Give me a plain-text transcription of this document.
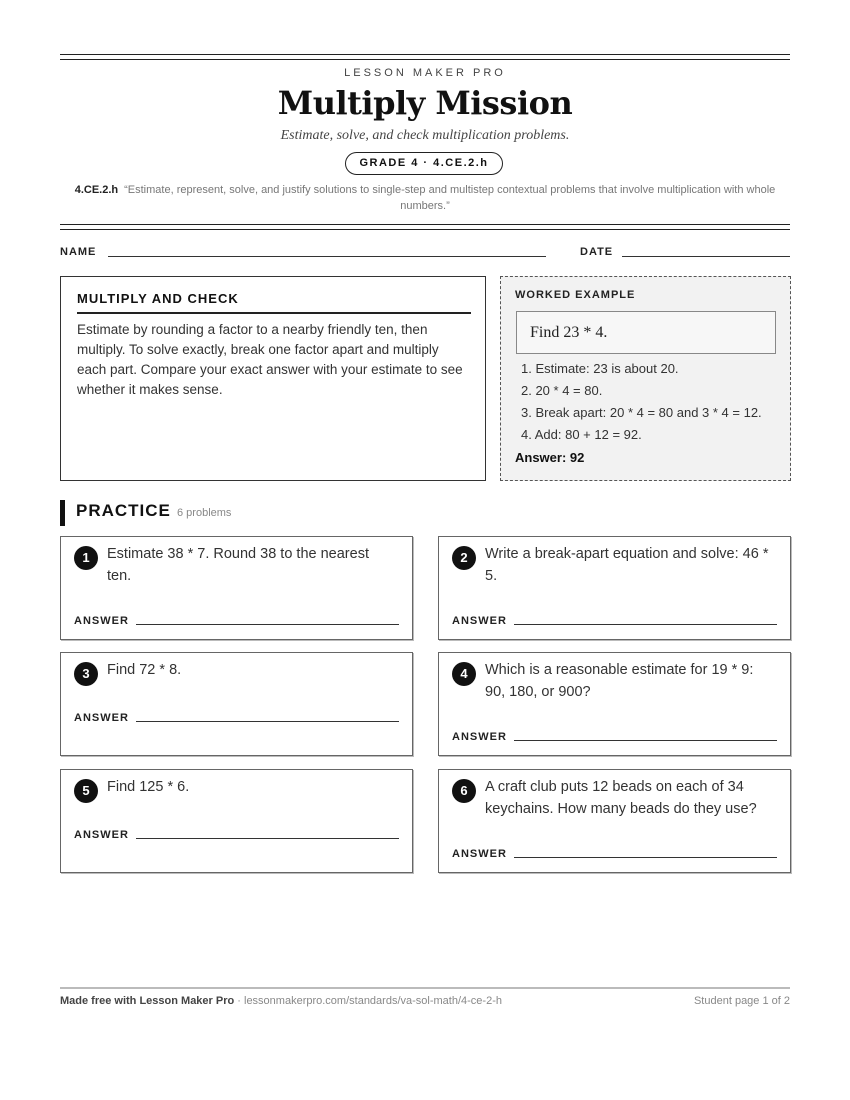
LESSON MAKER PRO
Multiply Mission
Estimate, solve, and check multiplication problems.
GRADE 4 · 4.CE.2.h
4.CE.2.h “Estimate, represent, solve, and justify solutions to single-step and multistep contextual problems that involve multiplication with whole numbers.”
NAME	DATE
MULTIPLY AND CHECK
Estimate by rounding a factor to a nearby friendly ten, then multiply. To solve exactly, break one factor apart and multiply each part. Compare your exact answer with your estimate to see whether it makes sense.
WORKED EXAMPLE
Find 23 * 4.
1. Estimate: 23 is about 20.
2. 20 * 4 = 80.
3. Break apart: 20 * 4 = 80 and 3 * 4 = 12.
4. Add: 80 + 12 = 92.
Answer: 92
PRACTICE 6 problems
1	Estimate 38 * 7. Round 38 to the nearest ten.
ANSWER
2	Write a break-apart equation and solve: 46 * 5.
ANSWER
3	Find 72 * 8.
ANSWER
4	Which is a reasonable estimate for 19 * 9: 90, 180, or 900?
ANSWER
5	Find 125 * 6.
ANSWER
6	A craft club puts 12 beads on each of 34 keychains. How many beads do they use?
ANSWER
Made free with Lesson Maker Pro · lessonmakerpro.com/standards/va-sol-math/4-ce-2-h	Student page 1 of 2
